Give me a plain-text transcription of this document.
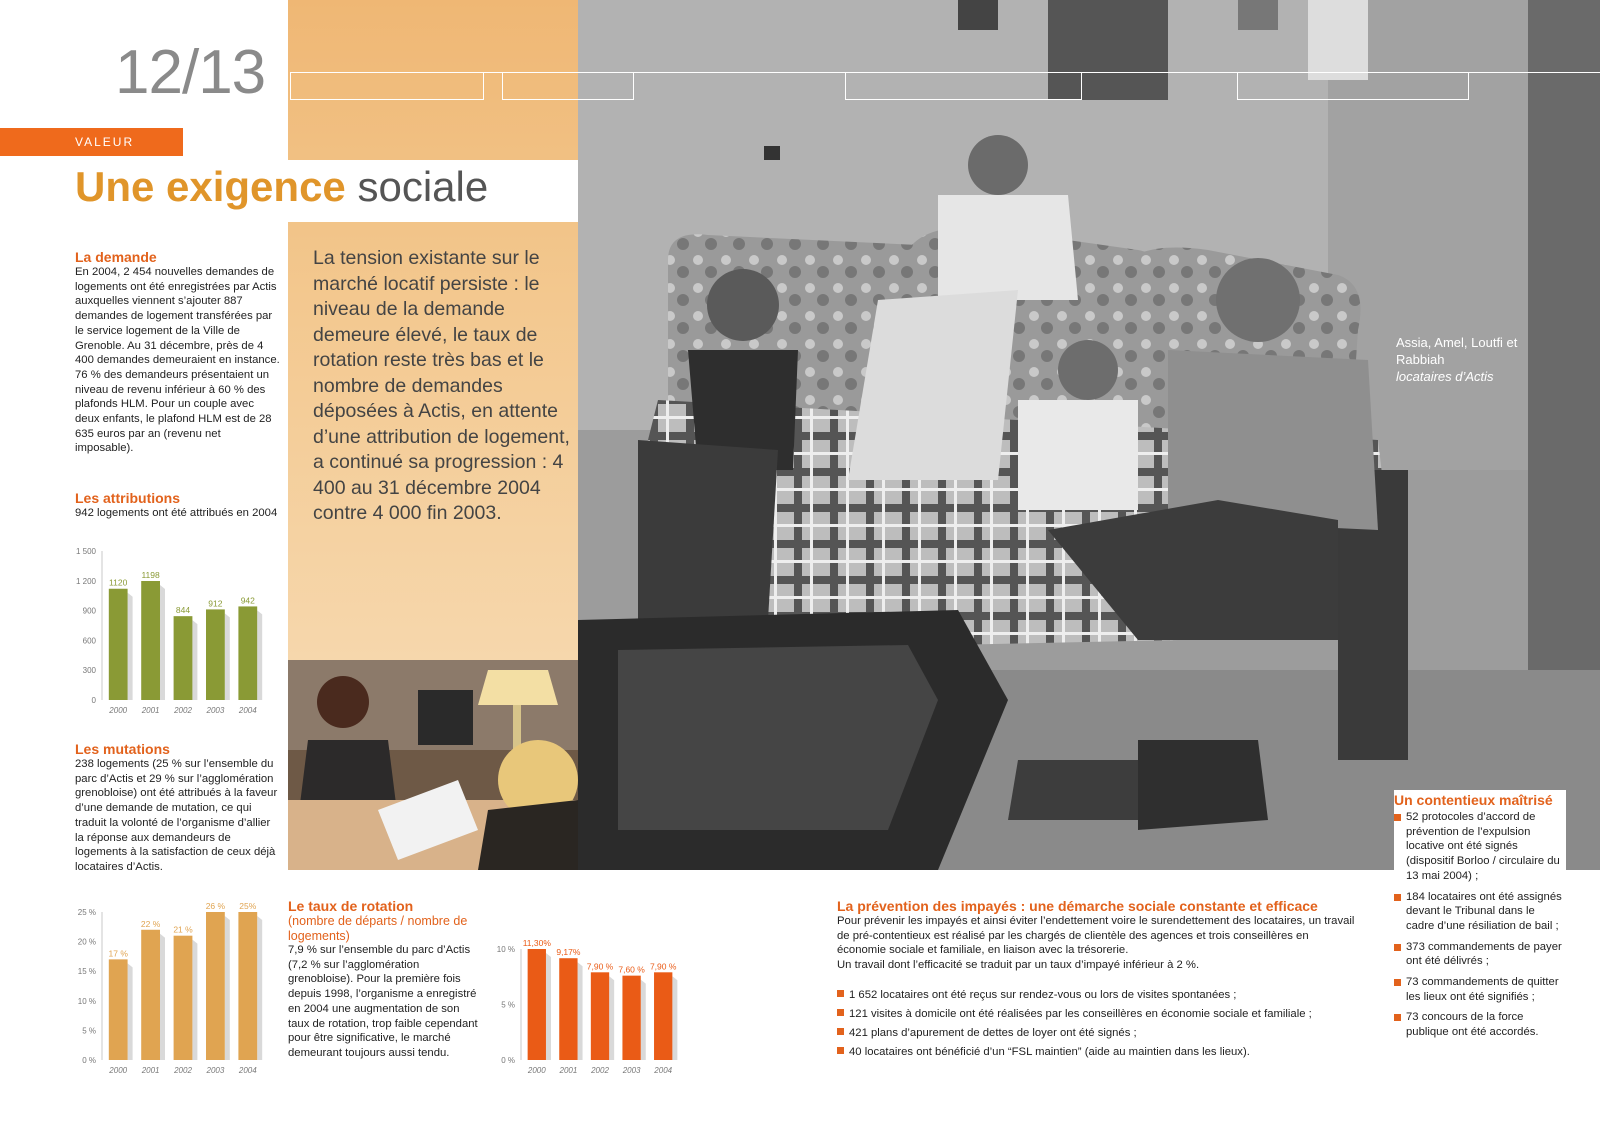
12/13
VALEUR
Une exigence sociale
La tension existante sur le marché locatif persiste : le niveau de la demande demeure élevé, le taux de rotation reste très bas et le nombre de demandes déposées à Actis, en attente d’une attribution de logement, a continué sa progression : 4 400 au 31 décembre 2004 contre 4 000 fin 2003.
La demande
En 2004, 2 454 nouvelles demandes de logements ont été enregistrées par Actis auxquelles viennent s’ajouter 887 demandes de logement transférées par le service logement de la Ville de Grenoble. Au 31 décembre, près de 4 400 demandes demeuraient en instance. 76 % des demandeurs présentaient un niveau de revenu inférieur à 60 % des plafonds HLM. Pour un couple avec deux enfants, le plafond HLM est de 28 635 euros par an (revenu net imposable).
Les attributions
942 logements ont été attribués en 2004
0
300
600
900
1 200
1 500
1120
2000
1198
2001
844
2002
912
2003
942
2004
Les mutations
238 logements (25 % sur l’ensemble du parc d’Actis et 29 % sur l’agglomération grenobloise) ont été attribués à la faveur d’une demande de mutation, ce qui traduit la volonté de l’organisme d’allier la réponse aux demandeurs de logements à la satisfaction de ceux déjà locataires d’Actis.
0 %
5 %
10 %
15 %
20 %
25 %
17 %
2000
22 %
2001
21 %
2002
26 %
2003
25%
2004
Le taux de rotation
(nombre de départs / nombre de logements)
7,9 % sur l’ensemble du parc d’Actis (7,2 % sur l’agglomération grenobloise). Pour la première fois depuis 1998, l’organisme a enregistré en 2004 une augmentation de son taux de rotation, trop faible cependant pour être significative, le marché demeurant toujours aussi tendu.
0 %
5 %
10 %
11,30%
2000
9,17%
2001
7,90 %
2002
7,60 %
2003
7,90 %
2004
Assia, Amel, Loutfi et Rabbiah
locataires d’Actis
La prévention des impayés : une démarche sociale constante et efficace
Pour prévenir les impayés et ainsi éviter l’endettement voire le surendettement des locataires, un travail de pré-contentieux est réalisé par les chargés de clientèle des agences et trois conseillères en économie sociale et familiale, en liaison avec la trésorerie.
Un travail dont l’efficacité se traduit par un taux d’impayé inférieur à 2 %.
1 652 locataires ont été reçus sur rendez-vous ou lors de visites spontanées ;
121 visites à domicile ont été réalisées par les conseillères en économie sociale et familiale ;
421 plans d’apurement de dettes de loyer ont été signés ;
40 locataires ont bénéficié d’un “FSL maintien” (aide au maintien dans les lieux).
Un contentieux maîtrisé
52 protocoles d’accord de prévention de l’expulsion locative ont été signés (dispositif Borloo / circulaire du 13 mai 2004) ;
184 locataires ont été assignés devant le Tribunal dans le cadre d’une résiliation de bail ;
373 commandements de payer ont été délivrés ;
73 commandements de quitter les lieux ont été signifiés ;
73 concours de la force publique ont été accordés.
